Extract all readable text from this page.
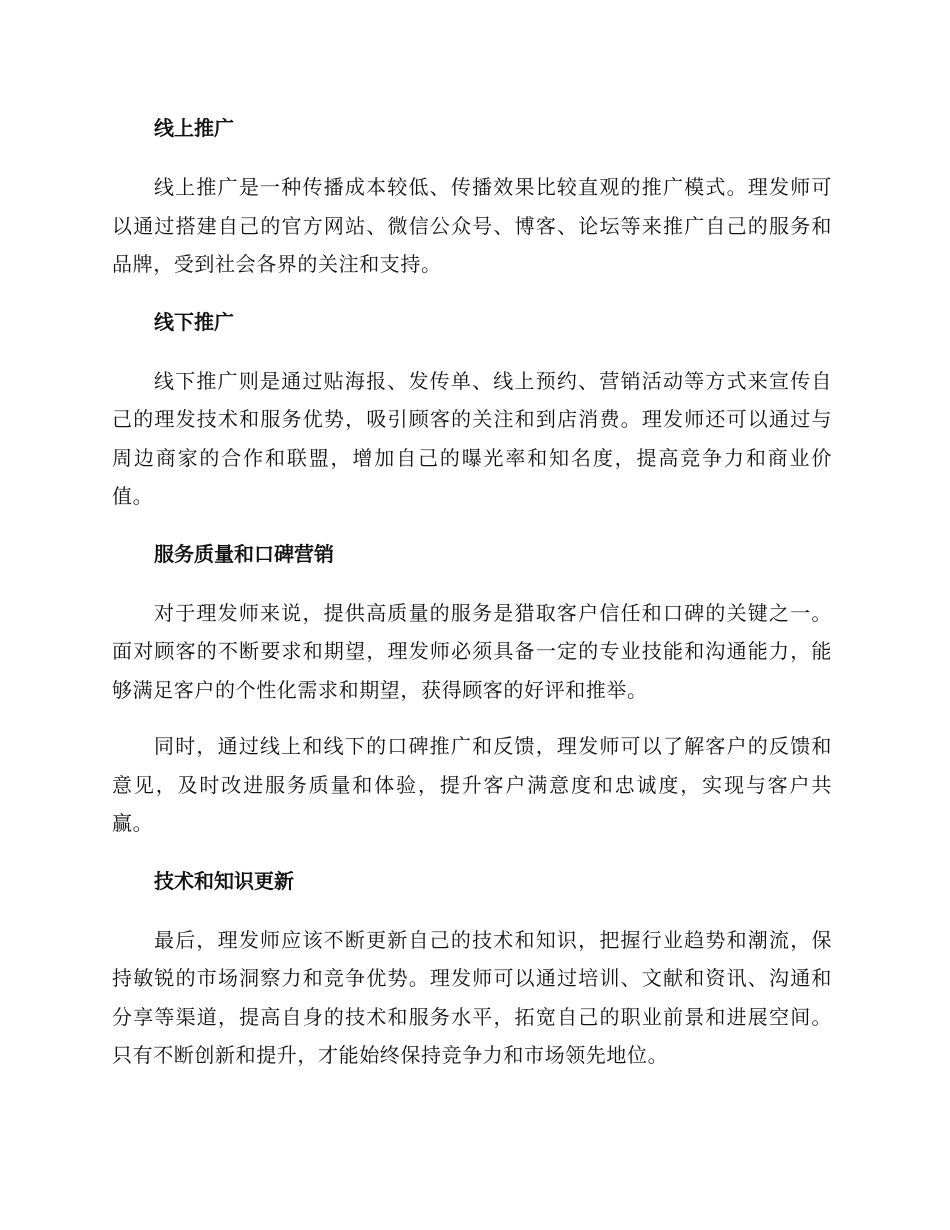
线上推广

线上推广是一种传播成本较低、传播效果比较直观的推广模式。理发师可以通过搭建自己的官方网站、微信公众号、博客、论坛等来推广自己的服务和品牌，受到社会各界的关注和支持。

线下推广

线下推广则是通过贴海报、发传单、线上预约、营销活动等方式来宣传自己的理发技术和服务优势，吸引顾客的关注和到店消费。理发师还可以通过与周边商家的合作和联盟，增加自己的曝光率和知名度，提高竞争力和商业价值。

服务质量和口碑营销

对于理发师来说，提供高质量的服务是猎取客户信任和口碑的关键之一。面对顾客的不断要求和期望，理发师必须具备一定的专业技能和沟通能力，能够满足客户的个性化需求和期望，获得顾客的好评和推举。

同时，通过线上和线下的口碑推广和反馈，理发师可以了解客户的反馈和意见，及时改进服务质量和体验，提升客户满意度和忠诚度，实现与客户共赢。

技术和知识更新

最后，理发师应该不断更新自己的技术和知识，把握行业趋势和潮流，保持敏锐的市场洞察力和竞争优势。理发师可以通过培训、文献和资讯、沟通和分享等渠道，提高自身的技术和服务水平，拓宽自己的职业前景和进展空间。只有不断创新和提升，才能始终保持竞争力和市场领先地位。
